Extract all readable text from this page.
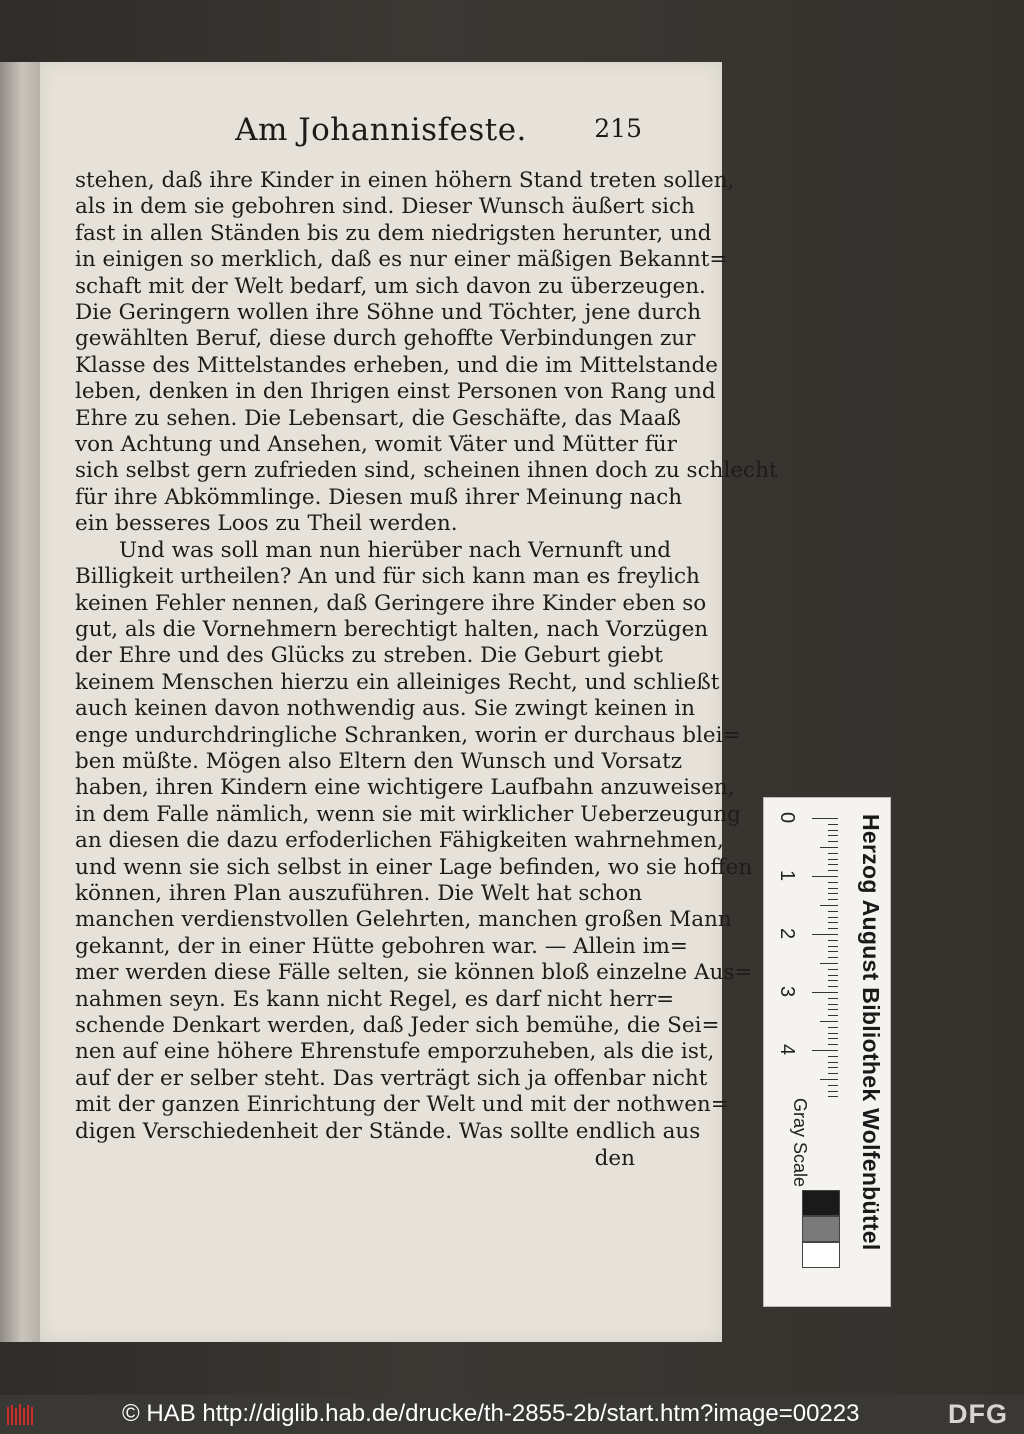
Am Johannisfeste.	215
stehen, daß ihre Kinder in einen höhern Stand treten sollen,
als in dem sie gebohren sind. Dieser Wunsch äußert sich
fast in allen Ständen bis zu dem niedrigsten herunter, und
in einigen so merklich, daß es nur einer mäßigen Bekannt=
schaft mit der Welt bedarf, um sich davon zu überzeugen.
Die Geringern wollen ihre Söhne und Töchter, jene durch
gewählten Beruf, diese durch gehoffte Verbindungen zur
Klasse des Mittelstandes erheben, und die im Mittelstande
leben, denken in den Ihrigen einst Personen von Rang und
Ehre zu sehen. Die Lebensart, die Geschäfte, das Maaß
von Achtung und Ansehen, womit Väter und Mütter für
sich selbst gern zufrieden sind, scheinen ihnen doch zu schlecht
für ihre Abkömmlinge. Diesen muß ihrer Meinung nach
ein besseres Loos zu Theil werden.
Und was soll man nun hierüber nach Vernunft und
Billigkeit urtheilen? An und für sich kann man es freylich
keinen Fehler nennen, daß Geringere ihre Kinder eben so
gut, als die Vornehmern berechtigt halten, nach Vorzügen
der Ehre und des Glücks zu streben. Die Geburt giebt
keinem Menschen hierzu ein alleiniges Recht, und schließt
auch keinen davon nothwendig aus. Sie zwingt keinen in
enge undurchdringliche Schranken, worin er durchaus blei=
ben müßte. Mögen also Eltern den Wunsch und Vorsatz
haben, ihren Kindern eine wichtigere Laufbahn anzuweisen,
in dem Falle nämlich, wenn sie mit wirklicher Ueberzeugung
an diesen die dazu erfoderlichen Fähigkeiten wahrnehmen,
und wenn sie sich selbst in einer Lage befinden, wo sie hoffen
können, ihren Plan auszuführen. Die Welt hat schon
manchen verdienstvollen Gelehrten, manchen großen Mann
gekannt, der in einer Hütte gebohren war. — Allein im=
mer werden diese Fälle selten, sie können bloß einzelne Aus=
nahmen seyn. Es kann nicht Regel, es darf nicht herr=
schende Denkart werden, daß Jeder sich bemühe, die Sei=
nen auf eine höhere Ehrenstufe emporzuheben, als die ist,
auf der er selber steht. Das verträgt sich ja offenbar nicht
mit der ganzen Einrichtung der Welt und mit der nothwen=
digen Verschiedenheit der Stände. Was sollte endlich aus
den	Gray Scale Herzog August Bibliothek Wolfenbüttel
0
1
2
3
4
© HAB http://diglib.hab.de/drucke/th-2855-2b/start.htm?image=00223	DFG
